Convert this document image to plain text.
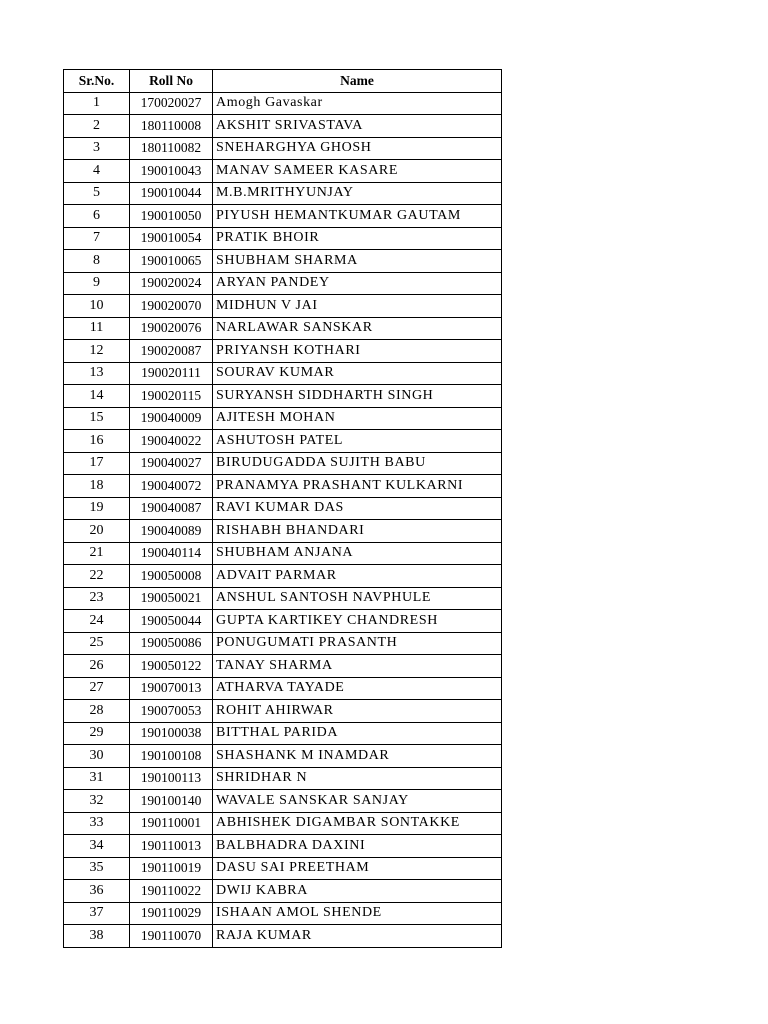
Sr.No.	Roll No	Name
1	170020027	Amogh Gavaskar
2	180110008	AKSHIT SRIVASTAVA
3	180110082	SNEHARGHYA GHOSH
4	190010043	MANAV SAMEER KASARE
5	190010044	M.B.MRITHYUNJAY
6	190010050	PIYUSH HEMANTKUMAR GAUTAM
7	190010054	PRATIK BHOIR
8	190010065	SHUBHAM SHARMA
9	190020024	ARYAN PANDEY
10	190020070	MIDHUN V JAI
11	190020076	NARLAWAR SANSKAR
12	190020087	PRIYANSH KOTHARI
13	190020111	SOURAV KUMAR
14	190020115	SURYANSH SIDDHARTH SINGH
15	190040009	AJITESH MOHAN
16	190040022	ASHUTOSH PATEL
17	190040027	BIRUDUGADDA SUJITH BABU
18	190040072	PRANAMYA PRASHANT KULKARNI
19	190040087	RAVI KUMAR DAS
20	190040089	RISHABH BHANDARI
21	190040114	SHUBHAM ANJANA
22	190050008	ADVAIT PARMAR
23	190050021	ANSHUL SANTOSH NAVPHULE
24	190050044	GUPTA KARTIKEY CHANDRESH
25	190050086	PONUGUMATI PRASANTH
26	190050122	TANAY SHARMA
27	190070013	ATHARVA TAYADE
28	190070053	ROHIT AHIRWAR
29	190100038	BITTHAL PARIDA
30	190100108	SHASHANK M INAMDAR
31	190100113	SHRIDHAR N
32	190100140	WAVALE SANSKAR SANJAY
33	190110001	ABHISHEK DIGAMBAR SONTAKKE
34	190110013	BALBHADRA DAXINI
35	190110019	DASU SAI PREETHAM
36	190110022	DWIJ KABRA
37	190110029	ISHAAN AMOL SHENDE
38	190110070	RAJA KUMAR
